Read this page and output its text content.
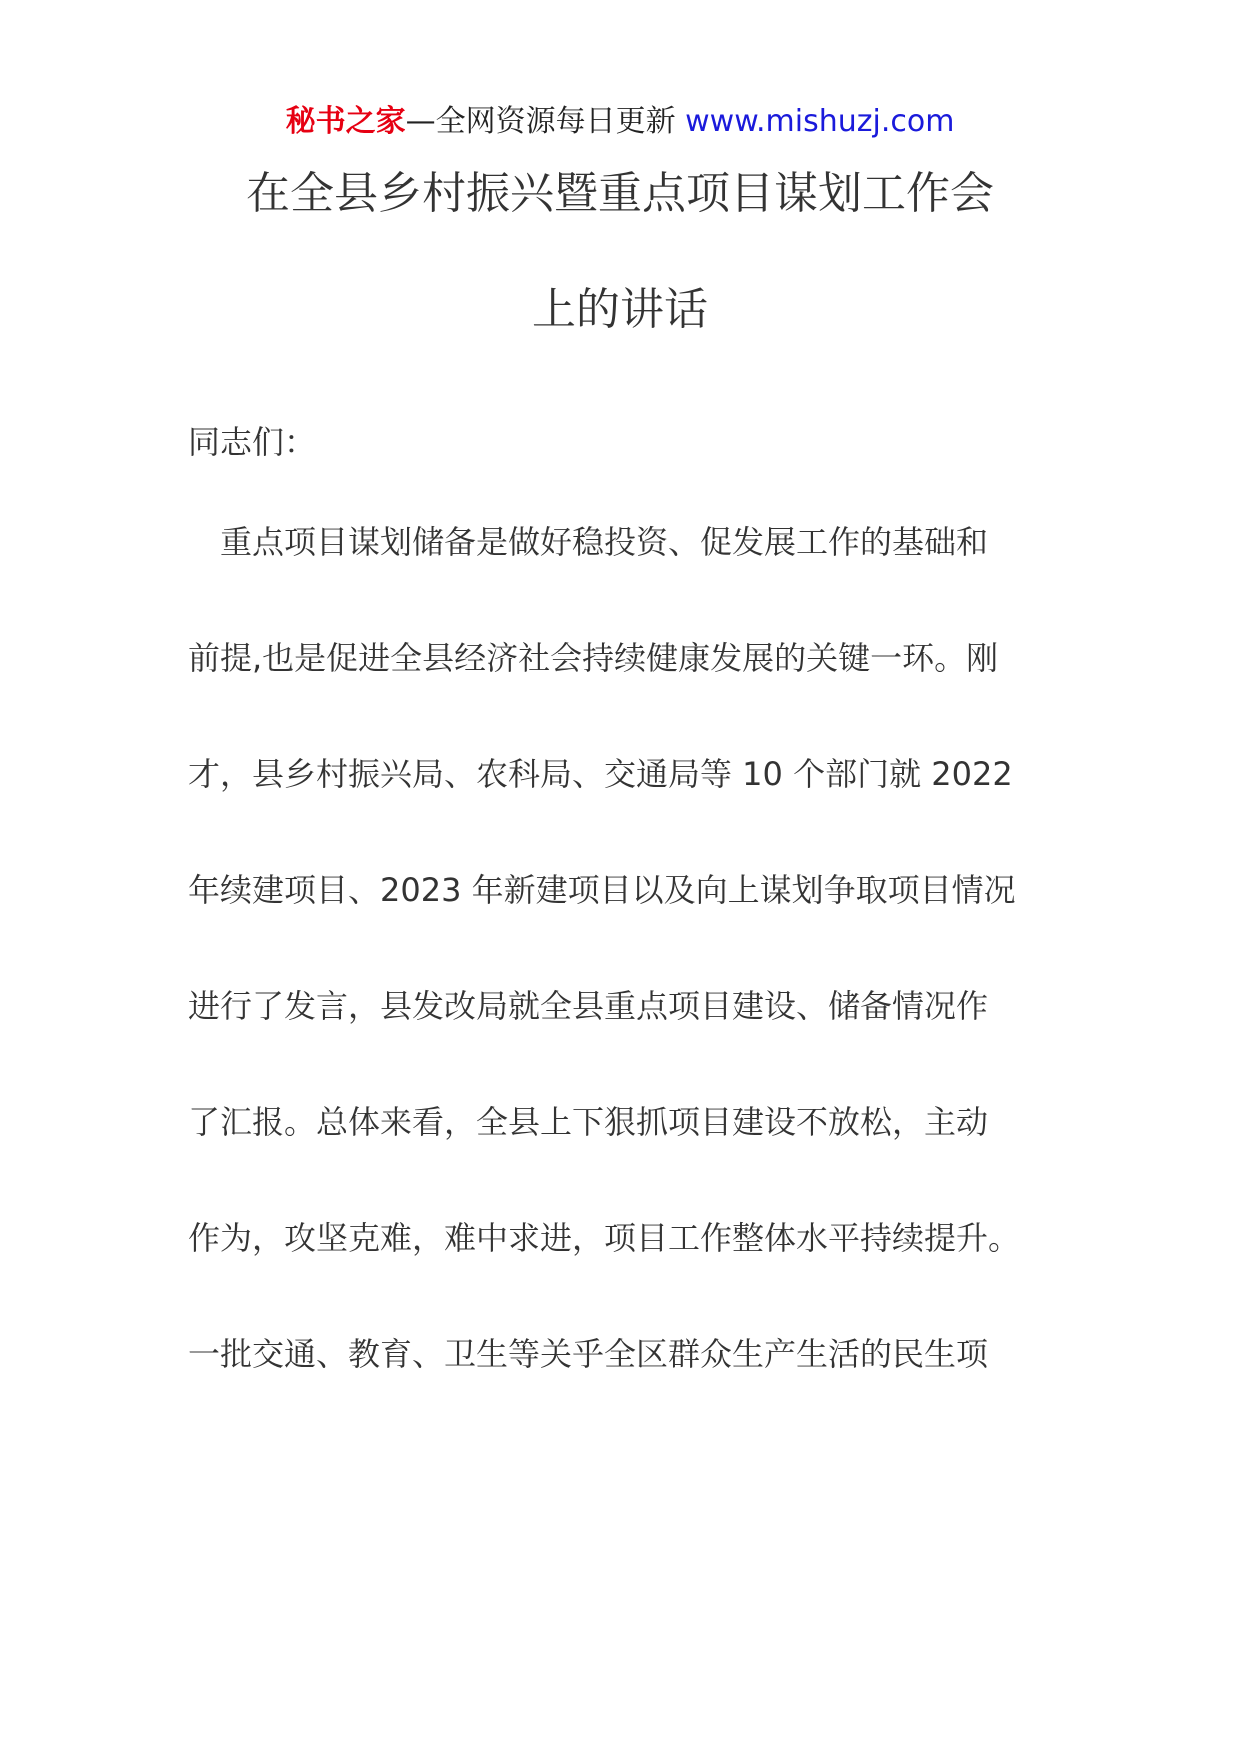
秘书之家—全网资源每日更新 www.mishuzj.com
在全县乡村振兴暨重点项目谋划工作会
上的讲话
同志们：
　重点项目谋划储备是做好稳投资、促发展工作的基础和
前提,也是促进全县经济社会持续健康发展的关键一环。刚
才，县乡村振兴局、农科局、交通局等 10 个部门就 2022
年续建项目、2023 年新建项目以及向上谋划争取项目情况
进行了发言，县发改局就全县重点项目建设、储备情况作
了汇报。总体来看，全县上下狠抓项目建设不放松，主动
作为，攻坚克难，难中求进，项目工作整体水平持续提升。
一批交通、教育、卫生等关乎全区群众生产生活的民生项
